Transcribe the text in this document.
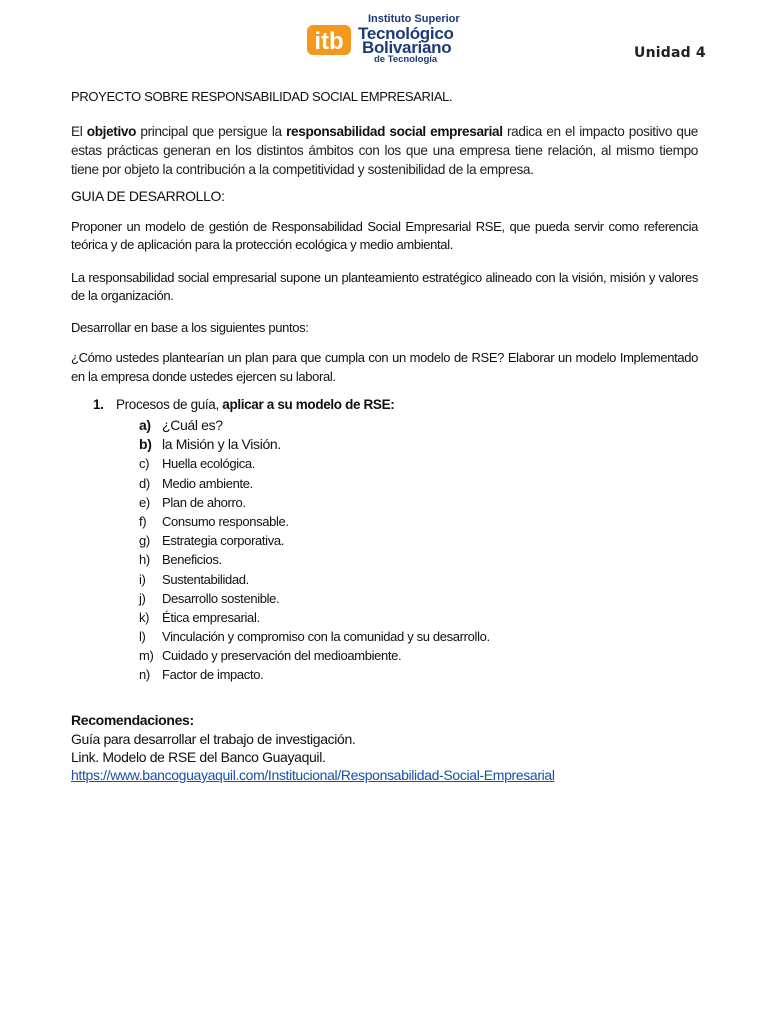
itb
Instituto Superior
Tecnológico
Bolivariano
de Tecnología	Unidad 4
PROYECTO SOBRE RESPONSABILIDAD SOCIAL EMPRESARIAL.
El objetivo principal que persigue la responsabilidad social empresarial radica en el impacto positivo que estas prácticas generan en los distintos ámbitos con los que una empresa tiene relación, al mismo tiempo tiene por objeto la contribución a la competitividad y sostenibilidad de la empresa.
GUIA DE DESARROLLO:
Proponer un modelo de gestión de Responsabilidad Social Empresarial RSE, que pueda servir como referencia teórica y de aplicación para la protección ecológica y medio ambiental.
La responsabilidad social empresarial supone un planteamiento estratégico alineado con la visión, misión y valores de la organización.
Desarrollar en base a los siguientes puntos:
¿Cómo ustedes plantearían un plan para que cumpla con un modelo de RSE? Elaborar un modelo Implementado en la empresa donde ustedes ejercen su laboral.
1. Procesos de guía, aplicar a su modelo de RSE:
a) ¿Cuál es?
b) la Misión y la Visión.
c) Huella ecológica.
d) Medio ambiente.
e) Plan de ahorro.
f) Consumo responsable.
g) Estrategia corporativa.
h) Beneficios.
i) Sustentabilidad.
j) Desarrollo sostenible.
k) Ética empresarial.
l) Vinculación y compromiso con la comunidad y su desarrollo.
m) Cuidado y preservación del medioambiente.
n) Factor de impacto.
Recomendaciones:
Guía para desarrollar el trabajo de investigación.
Link. Modelo de RSE del Banco Guayaquil.
https://www.bancoguayaquil.com/Institucional/Responsabilidad-Social-Empresarial
